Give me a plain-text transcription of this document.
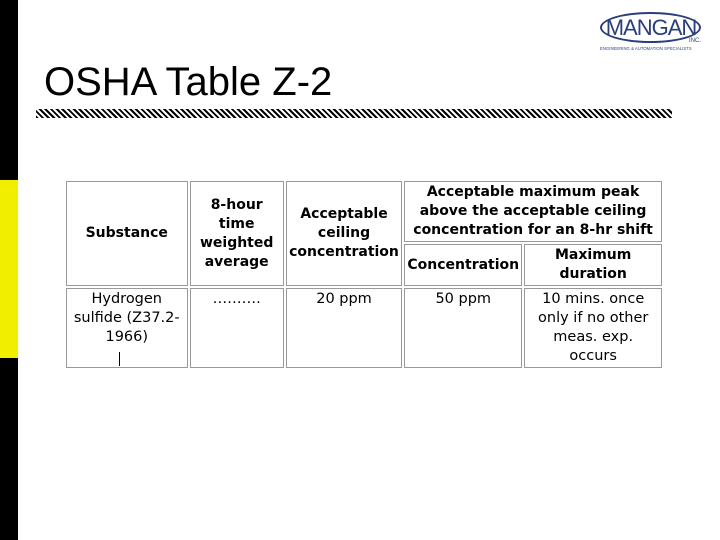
MANGAN
INC.
ENGINEERING & AUTOMATION SPECIALISTS
OSHA Table Z-2
Substance	8-hour time weighted average	Acceptable ceiling concentration	Acceptable maximum peak above the acceptable ceiling concentration for an 8-hr shift	
			Concentration	Maximum duration
Hydrogen sulfide (Z37.2-1966)	……….	20 ppm	50 ppm	10 mins. once only if no other meas. exp. occurs
